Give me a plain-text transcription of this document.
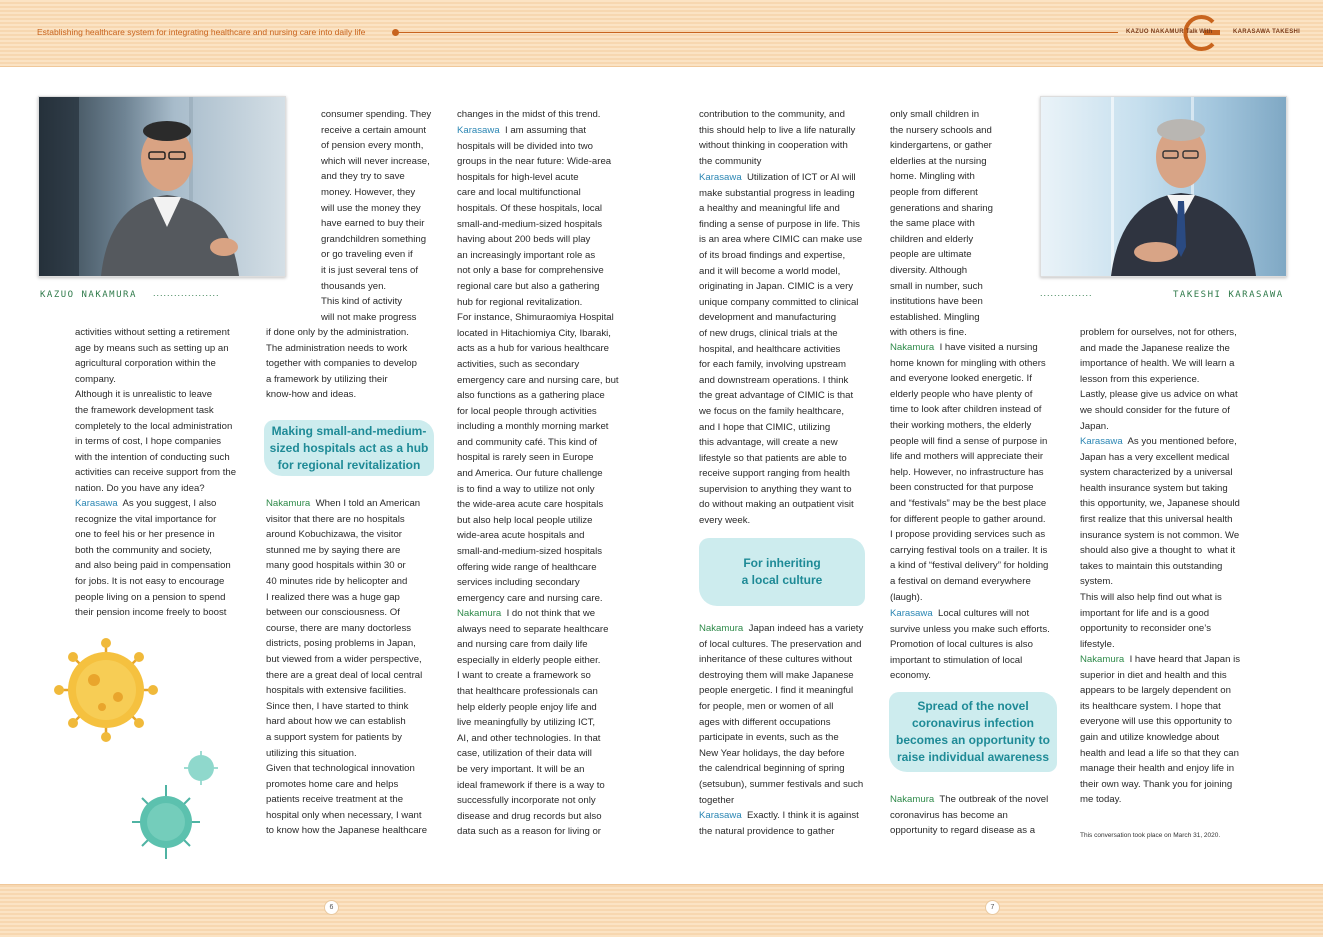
Establishing healthcare system for integrating healthcare and nursing care into daily life	KAZUO NAKAMURA
Talk With	KARASAWA TAKESHI
KAZUO NAKAMURA ...................	...............	TAKESHI KARASAWA
activities without setting a retirement
age by means such as setting up an
agricultural corporation within the
company.
Although it is unrealistic to leave
the framework development task
completely to the local administration
in terms of cost, I hope companies
with the intention of conducting such
activities can receive support from the
nation. Do you have any idea?
Karasawa  As you suggest, I also
recognize the vital importance for
one to feel his or her presence in
both the community and society,
and also being paid in compensation
for jobs. It is not easy to encourage
people living on a pension to spend
their pension income freely to boost
consumer spending. They
receive a certain amount
of pension every month,
which will never increase,
and they try to save
money. However, they
will use the money they
have earned to buy their
grandchildren something
or go traveling even if
it is just several tens of
thousands yen.
This kind of activity
will not make progress
if done only by the administration.
The administration needs to work
together with companies to develop
a framework by utilizing their
know-how and ideas.
Making small-and-medium-
sized hospitals act as a hub
for regional revitalization
Nakamura  When I told an American
visitor that there are no hospitals
around Kobuchizawa, the visitor
stunned me by saying there are
many good hospitals within 30 or
40 minutes ride by helicopter and
I realized there was a huge gap
between our consciousness. Of
course, there are many doctorless
districts, posing problems in Japan,
but viewed from a wider perspective,
there are a great deal of local central
hospitals with extensive facilities.
Since then, I have started to think
hard about how we can establish
a support system for patients by
utilizing this situation.
Given that technological innovation
promotes home care and helps
patients receive treatment at the
hospital only when necessary, I want
to know how the Japanese healthcare
changes in the midst of this trend.
Karasawa  I am assuming that
hospitals will be divided into two
groups in the near future: Wide-area
hospitals for high-level acute
care and local multifunctional
hospitals. Of these hospitals, local
small-and-medium-sized hospitals
having about 200 beds will play
an increasingly important role as
not only a base for comprehensive
regional care but also a gathering
hub for regional revitalization.
For instance, Shimuraomiya Hospital
located in Hitachiomiya City, Ibaraki,
acts as a hub for various healthcare
activities, such as secondary
emergency care and nursing care, but
also functions as a gathering place
for local people through activities
including a monthly morning market
and community café. This kind of
hospital is rarely seen in Europe
and America. Our future challenge
is to find a way to utilize not only
the wide-area acute care hospitals
but also help local people utilize
wide-area acute hospitals and
small-and-medium-sized hospitals
offering wide range of healthcare
services including secondary
emergency care and nursing care.
Nakamura  I do not think that we
always need to separate healthcare
and nursing care from daily life
especially in elderly people either.
I want to create a framework so
that healthcare professionals can
help elderly people enjoy life and
live meaningfully by utilizing ICT,
AI, and other technologies. In that
case, utilization of their data will
be very important. It will be an
ideal framework if there is a way to
successfully incorporate not only
disease and drug records but also
data such as a reason for living or
contribution to the community, and
this should help to live a life naturally
without thinking in cooperation with
the community
Karasawa  Utilization of ICT or AI will
make substantial progress in leading
a healthy and meaningful life and
finding a sense of purpose in life. This
is an area where CIMIC can make use
of its broad findings and expertise,
and it will become a world model,
originating in Japan. CIMIC is a very
unique company committed to clinical
development and manufacturing
of new drugs, clinical trials at the
hospital, and healthcare activities
for each family, involving upstream
and downstream operations. I think
the great advantage of CIMIC is that
we focus on the family healthcare,
and I hope that CIMIC, utilizing
this advantage, will create a new
lifestyle so that patients are able to
receive support ranging from health
supervision to anything they want to
do without making an outpatient visit
every week.
For inheriting
a local culture
Nakamura  Japan indeed has a variety
of local cultures. The preservation and
inheritance of these cultures without
destroying them will make Japanese
people energetic. I find it meaningful
for people, men or women of all
ages with different occupations
participate in events, such as the
New Year holidays, the day before
the calendrical beginning of spring
(setsubun), summer festivals and such
together
Karasawa  Exactly. I think it is against
the natural providence to gather
only small children in
the nursery schools and
kindergartens, or gather
elderlies at the nursing
home. Mingling with
people from different
generations and sharing
the same place with
children and elderly
people are ultimate
diversity. Although
small in number, such
institutions have been
established. Mingling
with others is fine.
Nakamura  I have visited a nursing
home known for mingling with others
and everyone looked energetic. If
elderly people who have plenty of
time to look after children instead of
their working mothers, the elderly
people will find a sense of purpose in
life and mothers will appreciate their
help. However, no infrastructure has
been constructed for that purpose
and “festivals” may be the best place
for different people to gather around.
I propose providing services such as
carrying festival tools on a trailer. It is
a kind of “festival delivery” for holding
a festival on demand everywhere
(laugh).
Karasawa  Local cultures will not
survive unless you make such efforts.
Promotion of local cultures is also
important to stimulation of local
economy.
Spread of the novel
coronavirus infection
becomes an opportunity to
raise individual awareness
Nakamura  The outbreak of the novel
coronavirus has become an
opportunity to regard disease as a
problem for ourselves, not for others,
and made the Japanese realize the
importance of health. We will learn a
lesson from this experience.
Lastly, please give us advice on what
we should consider for the future of
Japan.
Karasawa  As you mentioned before,
Japan has a very excellent medical
system characterized by a universal
health insurance system but taking
this opportunity, we, Japanese should
first realize that this universal health
insurance system is not common. We
should also give a thought to  what it
takes to maintain this outstanding
system.
This will also help find out what is
important for life and is a good
opportunity to reconsider one’s
lifestyle.
Nakamura  I have heard that Japan is
superior in diet and health and this
appears to be largely dependent on
its healthcare system. I hope that
everyone will use this opportunity to
gain and utilize knowledge about
health and lead a life so that they can
manage their health and enjoy life in
their own way. Thank you for joining
me today.
This conversation took place on March 31, 2020.
6	7
